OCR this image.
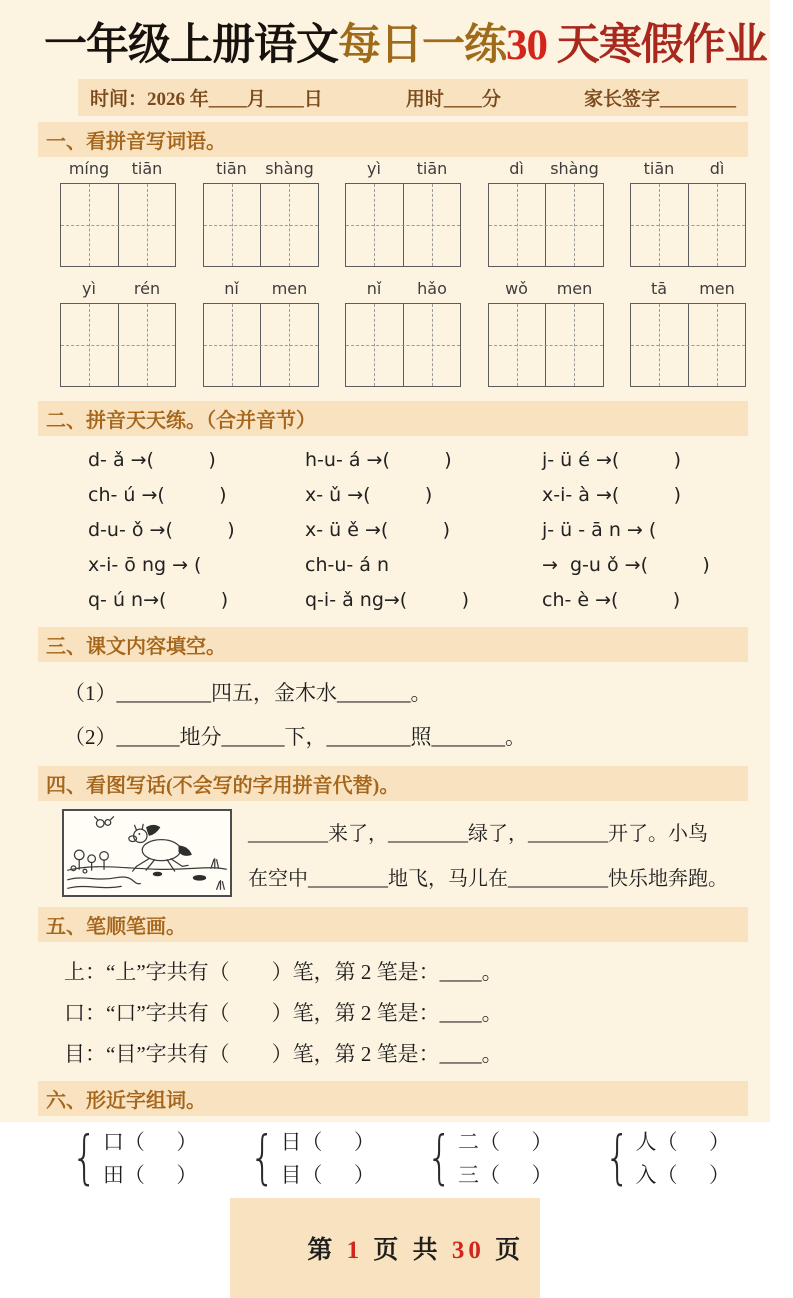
一年级上册语文每日一练30 天寒假作业
时间：2026 年____月____日	用时____分	家长签字________
一、看拼音写词语。
míng	tiān	tiān	shàng	yì	tiān	dì	shàng	tiān	dì
yì	rén	nǐ	men	nǐ	hǎo	wǒ	men	tā	men
二、拼音天天练。（合并音节）
d- ǎ →(         )	h-u- á →(         )	j- ü é →(         )
ch- ú →(         )	x- ǔ →(         )	x-i- à →(         )
d-u- ǒ →(         )	x- ü ě →(         )	j- ü - ā n → (
x-i- ō ng → (	ch-u- á n	→  g-u ǒ →(         )
q- ú n→(         )	q-i- ǎ ng→(         )	ch- è →(         )
三、课文内容填空。
（1）_________四五，金木水_______。
（2）______地分______下，________照_______。
四、看图写话(不会写的字用拼音代替)。
________来了，________绿了，________开了。小鸟
在空中________地飞，马儿在__________快乐地奔跑。
五、笔顺笔画。
上：“上”字共有（　　）笔，第 2 笔是：____。
口：“口”字共有（　　）笔，第 2 笔是：____。
目：“目”字共有（　　）笔，第 2 笔是：____。
六、形近字组词。
{
口（      ）
田（      ）
{
日（      ）
目（      ）
{
二（      ）
三（      ）
{
人（      ）
入（      ）

第 1 页 共 30 页
